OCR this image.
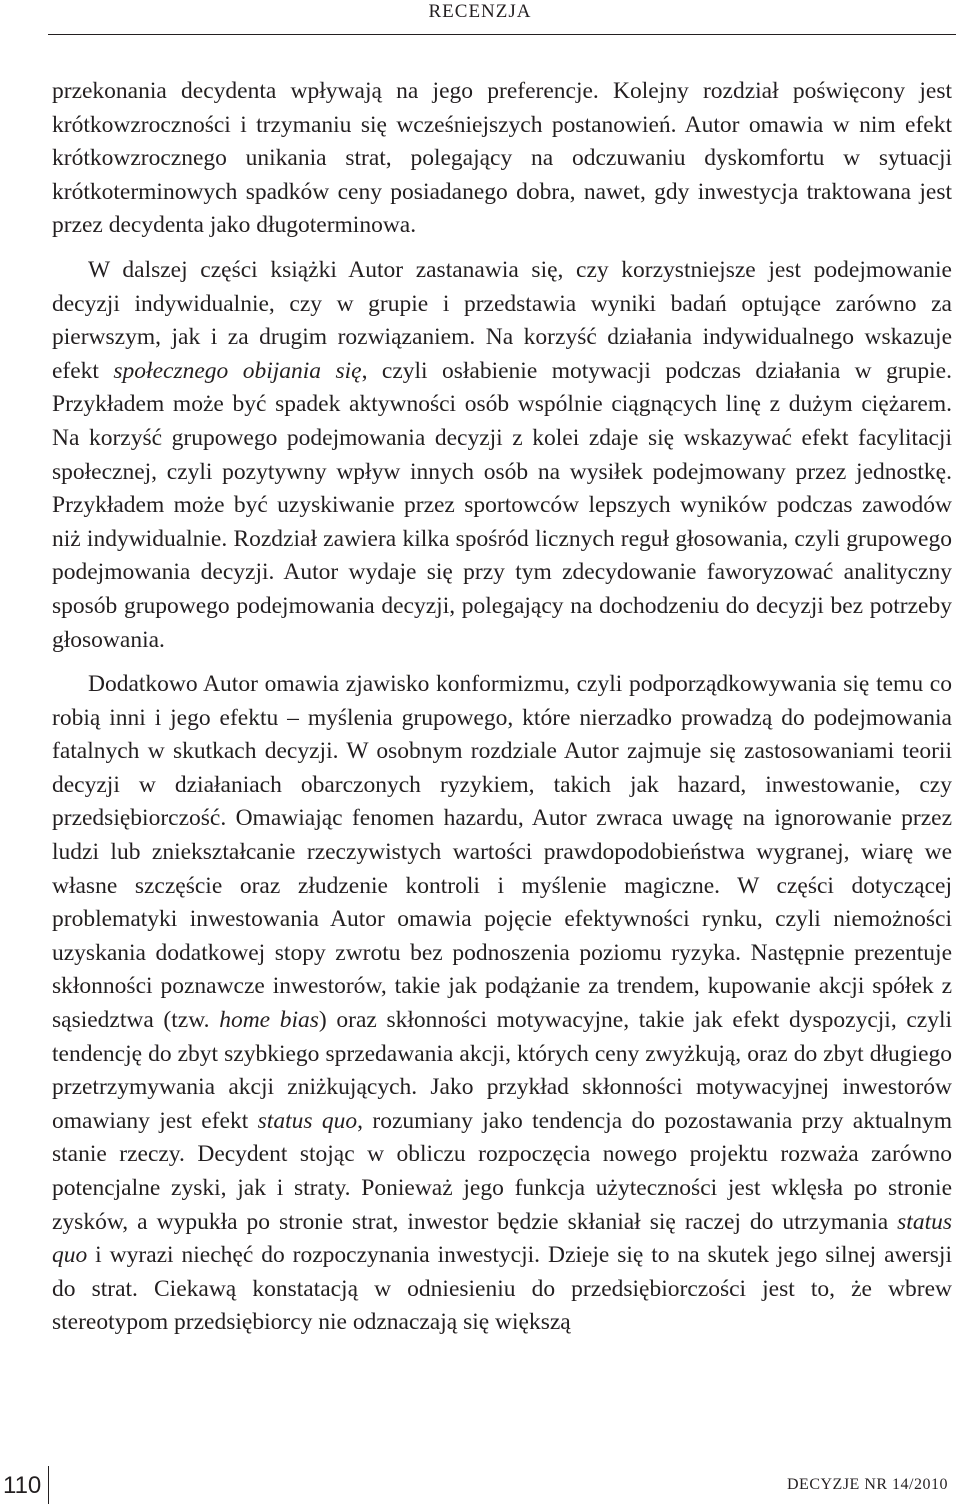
RECENZJA

przekonania decydenta wpływają na jego preferencje. Kolejny rozdział poświęcony jest krótkowzroczności i trzymaniu się wcześniejszych postanowień. Autor omawia w nim efekt krótkowzrocznego unikania strat, polegający na odczuwaniu dyskomfortu w sytuacji krótkoterminowych spadków ceny posiadanego dobra, nawet, gdy inwestycja traktowana jest przez decydenta jako długoterminowa.

W dalszej części książki Autor zastanawia się, czy korzystniejsze jest podejmowanie decyzji indywidualnie, czy w grupie i przedstawia wyniki badań optujące zarówno za pierwszym, jak i za drugim rozwiązaniem. Na korzyść działania indywidualnego wskazuje efekt społecznego obijania się, czyli osłabienie motywacji podczas działania w grupie. Przykładem może być spadek aktywności osób wspólnie ciągnących linę z dużym ciężarem. Na korzyść grupowego podejmowania decyzji z kolei zdaje się wskazywać efekt facylitacji społecznej, czyli pozytywny wpływ innych osób na wysiłek podejmowany przez jednostkę. Przykładem może być uzyskiwanie przez sportowców lepszych wyników podczas zawodów niż indywidualnie. Rozdział zawiera kilka spośród licznych reguł głosowania, czyli grupowego podejmowania decyzji. Autor wydaje się przy tym zdecydowanie faworyzować analityczny sposób grupowego podejmowania decyzji, polegający na dochodzeniu do decyzji bez potrzeby głosowania.

Dodatkowo Autor omawia zjawisko konformizmu, czyli podporządkowywania się temu co robią inni i jego efektu – myślenia grupowego, które nierzadko prowadzą do podejmowania fatalnych w skutkach decyzji. W osobnym rozdziale Autor zajmuje się zastosowaniami teorii decyzji w działaniach obarczonych ryzykiem, takich jak hazard, inwestowanie, czy przedsiębiorczość. Omawiając fenomen hazardu, Autor zwraca uwagę na ignorowanie przez ludzi lub zniekształcanie rzeczywistych wartości prawdopodobieństwa wygranej, wiarę we własne szczęście oraz złudzenie kontroli i myślenie magiczne. W części dotyczącej problematyki inwestowania Autor omawia pojęcie efektywności rynku, czyli niemożności uzyskania dodatkowej stopy zwrotu bez podnoszenia poziomu ryzyka. Następnie prezentuje skłonności poznawcze inwestorów, takie jak podążanie za trendem, kupowanie akcji spółek z sąsiedztwa (tzw. home bias) oraz skłonności motywacyjne, takie jak efekt dyspozycji, czyli tendencję do zbyt szybkiego sprzedawania akcji, których ceny zwyżkują, oraz do zbyt długiego przetrzymywania akcji zniżkujących. Jako przykład skłonności motywacyjnej inwestorów omawiany jest efekt status quo, rozumiany jako tendencja do pozostawania przy aktualnym stanie rzeczy. Decydent stojąc w obliczu rozpoczęcia nowego projektu rozważa zarówno potencjalne zyski, jak i straty. Ponieważ jego funkcja użyteczności jest wklęsła po stronie zysków, a wypukła po stronie strat, inwestor będzie skłaniał się raczej do utrzymania status quo i wyrazi niechęć do rozpoczynania inwestycji. Dzieje się to na skutek jego silnej awersji do strat. Ciekawą konstatacją w odniesieniu do przedsiębiorczości jest to, że wbrew stereotypom przedsiębiorcy nie odznaczają się większą

110	DECYZJE NR 14/2010
